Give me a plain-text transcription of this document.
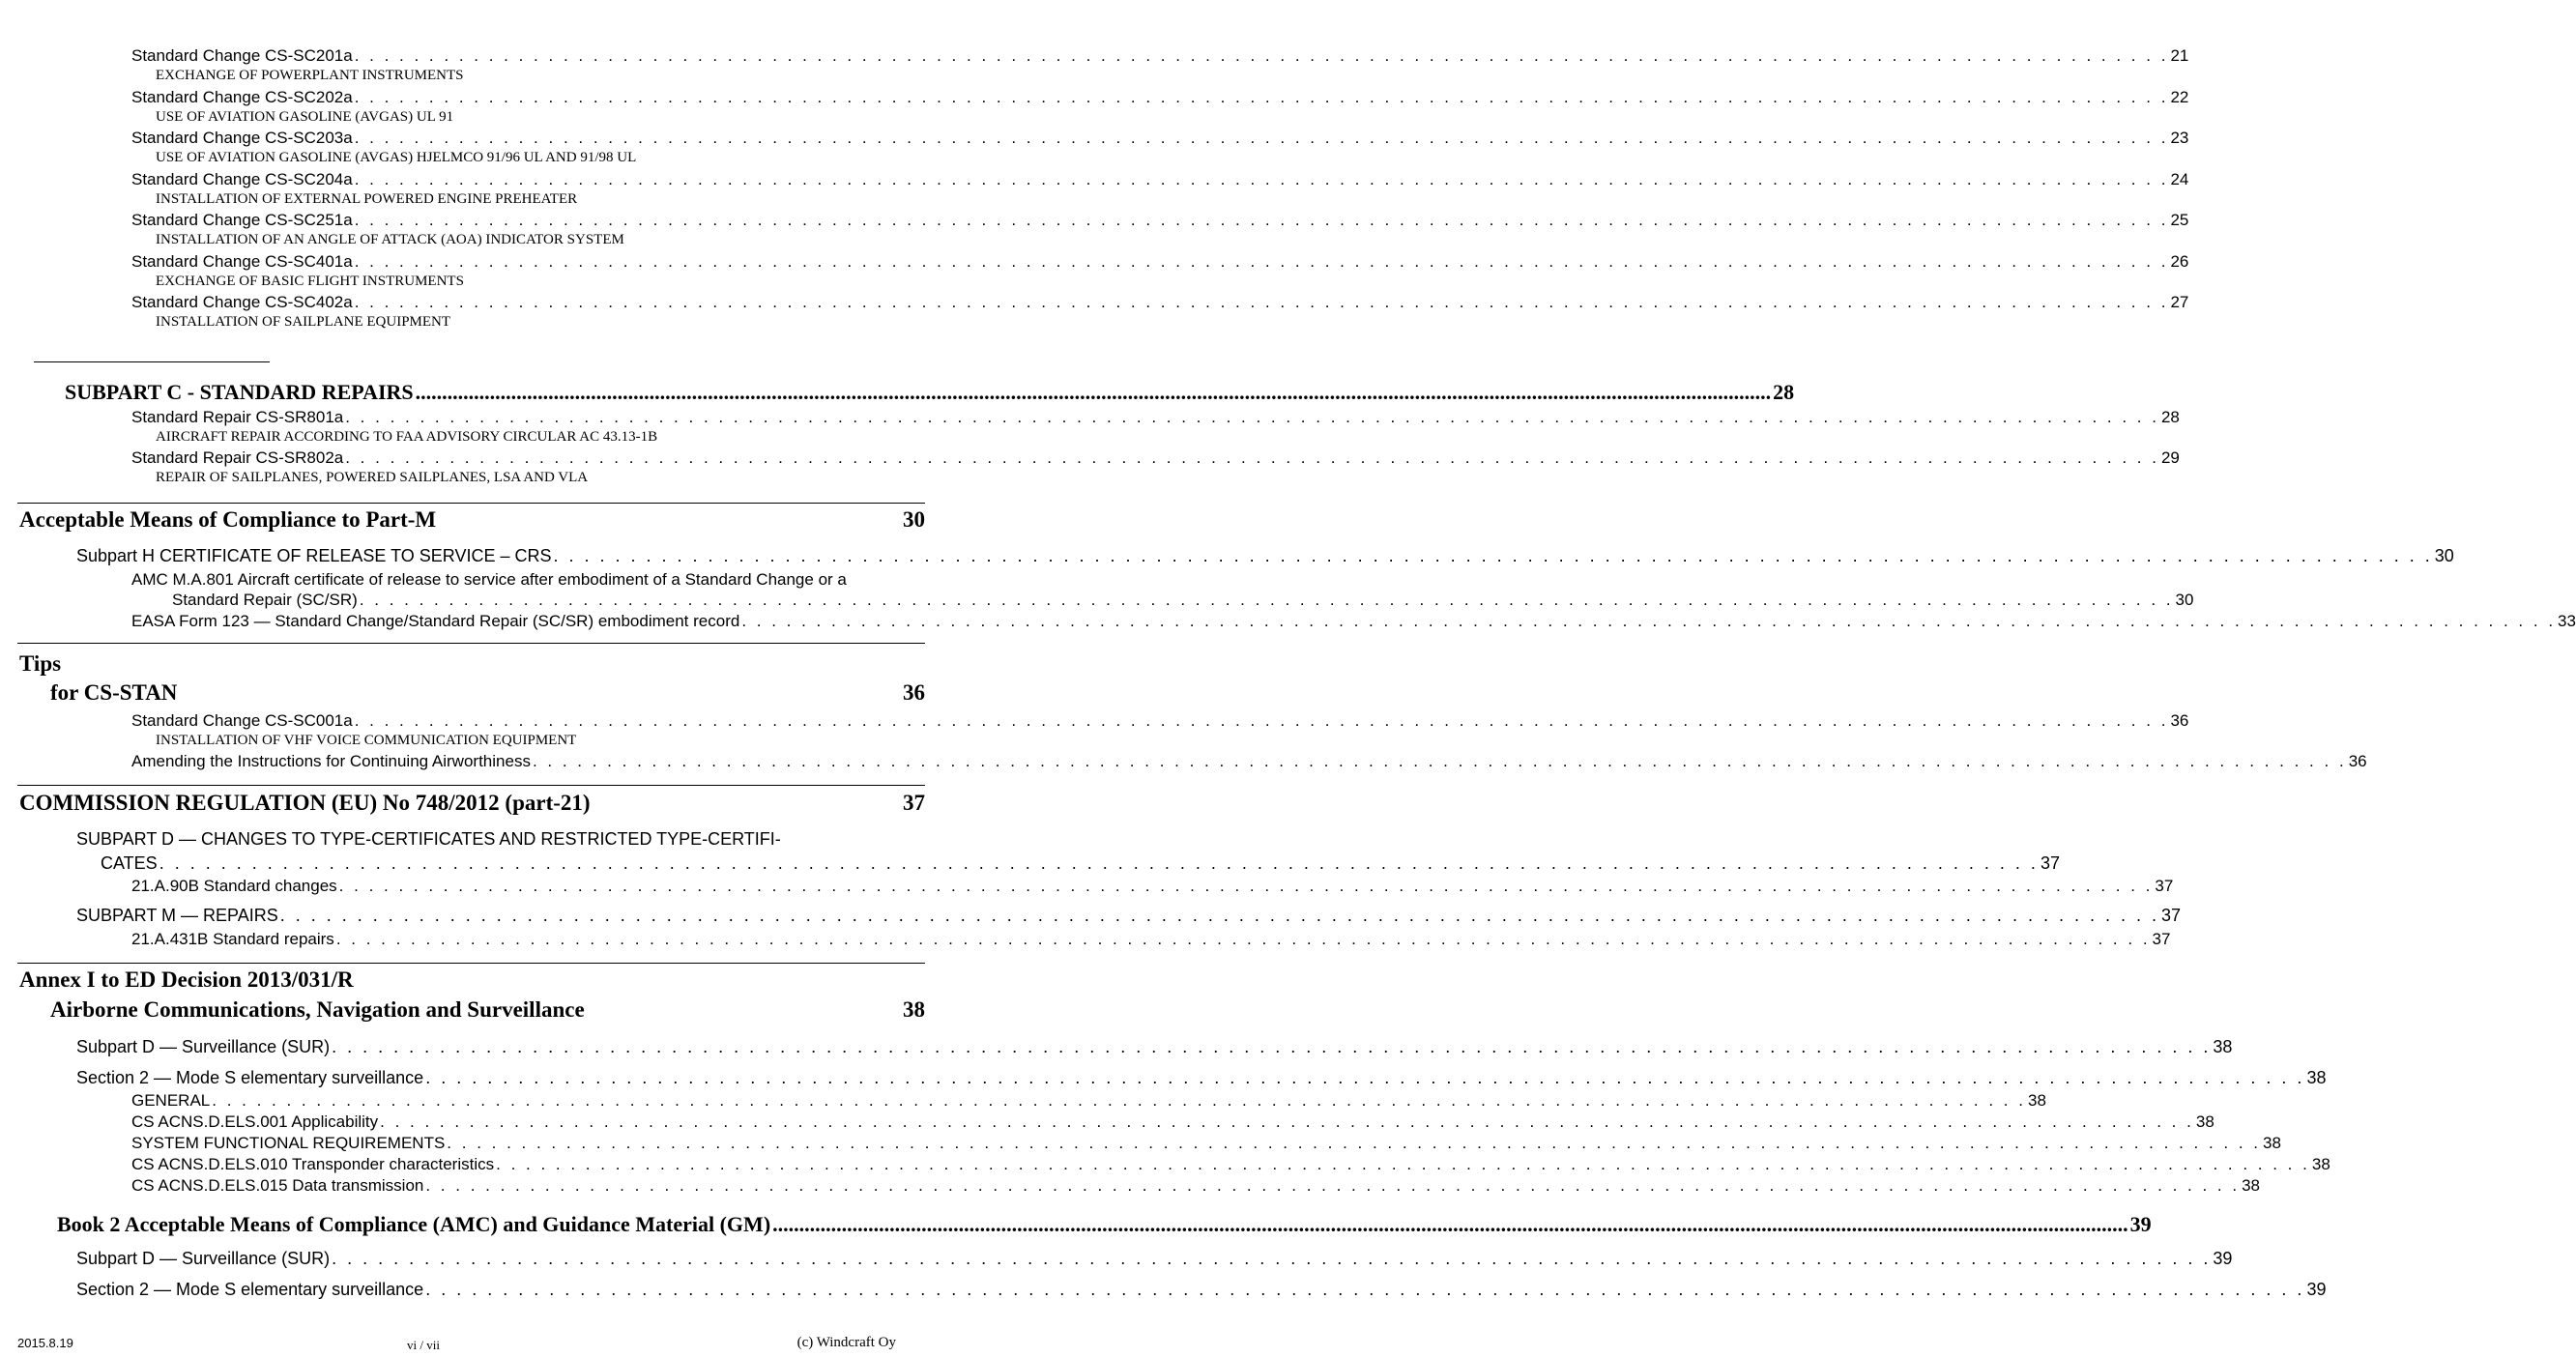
Standard Change CS-SC201a . . . . . . . . . . . . . . . . . . . . . . . . . . . . . . . . . . . . . . . . . . . . . . . . . . . . . . . . . . . . . . . . . . . . . . . . . . . . . . . . . . . . . . . . . . . . . . . . . . . . . . . . . . . . . . . . . . . . . . . . . . 21
EXCHANGE OF POWERPLANT INSTRUMENTS
Standard Change CS-SC202a . . . . . . . . . . . . . . . . . . . . . . . . . . . . . . . . . . . . . . . . . . . . . . . . . . . . . . . . . . . . . . . . . . . . . . . . . . . . . . . . . . . . . . . . . . . . . . . . . . . . . . . . . . . . . . . . . . . . . . . . . . 22
USE OF AVIATION GASOLINE (AVGAS) UL 91
Standard Change CS-SC203a . . . . . . . . . . . . . . . . . . . . . . . . . . . . . . . . . . . . . . . . . . . . . . . . . . . . . . . . . . . . . . . . . . . . . . . . . . . . . . . . . . . . . . . . . . . . . . . . . . . . . . . . . . . . . . . . . . . . . . . . . . 23
USE OF AVIATION GASOLINE (AVGAS) HJELMCO 91/96 UL AND 91/98 UL
Standard Change CS-SC204a . . . . . . . . . . . . . . . . . . . . . . . . . . . . . . . . . . . . . . . . . . . . . . . . . . . . . . . . . . . . . . . . . . . . . . . . . . . . . . . . . . . . . . . . . . . . . . . . . . . . . . . . . . . . . . . . . . . . . . . . . . 24
INSTALLATION OF EXTERNAL POWERED ENGINE PREHEATER
Standard Change CS-SC251a . . . . . . . . . . . . . . . . . . . . . . . . . . . . . . . . . . . . . . . . . . . . . . . . . . . . . . . . . . . . . . . . . . . . . . . . . . . . . . . . . . . . . . . . . . . . . . . . . . . . . . . . . . . . . . . . . . . . . . . . . . 25
INSTALLATION OF AN ANGLE OF ATTACK (AOA) INDICATOR SYSTEM
Standard Change CS-SC401a . . . . . . . . . . . . . . . . . . . . . . . . . . . . . . . . . . . . . . . . . . . . . . . . . . . . . . . . . . . . . . . . . . . . . . . . . . . . . . . . . . . . . . . . . . . . . . . . . . . . . . . . . . . . . . . . . . . . . . . . . . 26
EXCHANGE OF BASIC FLIGHT INSTRUMENTS
Standard Change CS-SC402a . . . . . . . . . . . . . . . . . . . . . . . . . . . . . . . . . . . . . . . . . . . . . . . . . . . . . . . . . . . . . . . . . . . . . . . . . . . . . . . . . . . . . . . . . . . . . . . . . . . . . . . . . . . . . . . . . . . . . . . . . . 27
INSTALLATION OF SAILPLANE EQUIPMENT
SUBPART C - STANDARD REPAIRS ............................................................................................................................................................................................................................................................... 28
Standard Repair CS-SR801a . . . . . . . . . . . . . . . . . . . . . . . . . . . . . . . . . . . . . . . . . . . . . . . . . . . . . . . . . . . . . . . . . . . . . . . . . . . . . . . . . . . . . . . . . . . . . . . . . . . . . . . . . . . . . . . . . . . . . . . . . . 28
AIRCRAFT REPAIR ACCORDING TO FAA ADVISORY CIRCULAR AC 43.13-1B
Standard Repair CS-SR802a . . . . . . . . . . . . . . . . . . . . . . . . . . . . . . . . . . . . . . . . . . . . . . . . . . . . . . . . . . . . . . . . . . . . . . . . . . . . . . . . . . . . . . . . . . . . . . . . . . . . . . . . . . . . . . . . . . . . . . . . . . 29
REPAIR OF SAILPLANES, POWERED SAILPLANES, LSA AND VLA
Acceptable Means of Compliance to Part-M	30
Subpart H CERTIFICATE OF RELEASE TO SERVICE – CRS . . . . . . . . . . . . . . . . . . . . . . . . . . . . . . . . . . . . . . . . . . . . . . . . . . . . . . . . . . . . . . . . . . . . . . . . . . . . . . . . . . . . . . . . . . . . . . . . . . . . . . . . . . . . . . . . . . . . . . . . . . 30
AMC M.A.801 Aircraft certificate of release to service after embodiment of a Standard Change or a
Standard Repair (SC/SR) . . . . . . . . . . . . . . . . . . . . . . . . . . . . . . . . . . . . . . . . . . . . . . . . . . . . . . . . . . . . . . . . . . . . . . . . . . . . . . . . . . . . . . . . . . . . . . . . . . . . . . . . . . . . . . . . . . . . . . . . . . 30
EASA Form 123 — Standard Change/Standard Repair (SC/SR) embodiment record . . . . . . . . . . . . . . . . . . . . . . . . . . . . . . . . . . . . . . . . . . . . . . . . . . . . . . . . . . . . . . . . . . . . . . . . . . . . . . . . . . . . . . . . . . . . . . . . . . . . . . . . . . . . . . . . . . . . . . . . . . 33
Tips
for CS-STAN	36
Standard Change CS-SC001a . . . . . . . . . . . . . . . . . . . . . . . . . . . . . . . . . . . . . . . . . . . . . . . . . . . . . . . . . . . . . . . . . . . . . . . . . . . . . . . . . . . . . . . . . . . . . . . . . . . . . . . . . . . . . . . . . . . . . . . . . . 36
INSTALLATION OF VHF VOICE COMMUNICATION EQUIPMENT
Amending the Instructions for Continuing Airworthiness . . . . . . . . . . . . . . . . . . . . . . . . . . . . . . . . . . . . . . . . . . . . . . . . . . . . . . . . . . . . . . . . . . . . . . . . . . . . . . . . . . . . . . . . . . . . . . . . . . . . . . . . . . . . . . . . . . . . . . . . . . 36
COMMISSION REGULATION (EU) No 748/2012 (part-21)	37
SUBPART D — CHANGES TO TYPE-CERTIFICATES AND RESTRICTED TYPE-CERTIFI-
CATES . . . . . . . . . . . . . . . . . . . . . . . . . . . . . . . . . . . . . . . . . . . . . . . . . . . . . . . . . . . . . . . . . . . . . . . . . . . . . . . . . . . . . . . . . . . . . . . . . . . . . . . . . . . . . . . . . . . . . . . . . . 37
21.A.90B Standard changes . . . . . . . . . . . . . . . . . . . . . . . . . . . . . . . . . . . . . . . . . . . . . . . . . . . . . . . . . . . . . . . . . . . . . . . . . . . . . . . . . . . . . . . . . . . . . . . . . . . . . . . . . . . . . . . . . . . . . . . . . . 37
SUBPART M — REPAIRS . . . . . . . . . . . . . . . . . . . . . . . . . . . . . . . . . . . . . . . . . . . . . . . . . . . . . . . . . . . . . . . . . . . . . . . . . . . . . . . . . . . . . . . . . . . . . . . . . . . . . . . . . . . . . . . . . . . . . . . . . . 37
21.A.431B Standard repairs . . . . . . . . . . . . . . . . . . . . . . . . . . . . . . . . . . . . . . . . . . . . . . . . . . . . . . . . . . . . . . . . . . . . . . . . . . . . . . . . . . . . . . . . . . . . . . . . . . . . . . . . . . . . . . . . . . . . . . . . . . 37
Annex I to ED Decision 2013/031/R
Airborne Communications, Navigation and Surveillance	38
Subpart D — Surveillance (SUR) . . . . . . . . . . . . . . . . . . . . . . . . . . . . . . . . . . . . . . . . . . . . . . . . . . . . . . . . . . . . . . . . . . . . . . . . . . . . . . . . . . . . . . . . . . . . . . . . . . . . . . . . . . . . . . . . . . . . . . . . . . 38
Section 2 — Mode S elementary surveillance . . . . . . . . . . . . . . . . . . . . . . . . . . . . . . . . . . . . . . . . . . . . . . . . . . . . . . . . . . . . . . . . . . . . . . . . . . . . . . . . . . . . . . . . . . . . . . . . . . . . . . . . . . . . . . . . . . . . . . . . . . 38
GENERAL . . . . . . . . . . . . . . . . . . . . . . . . . . . . . . . . . . . . . . . . . . . . . . . . . . . . . . . . . . . . . . . . . . . . . . . . . . . . . . . . . . . . . . . . . . . . . . . . . . . . . . . . . . . . . . . . . . . . . . . . . . 38
CS ACNS.D.ELS.001 Applicability . . . . . . . . . . . . . . . . . . . . . . . . . . . . . . . . . . . . . . . . . . . . . . . . . . . . . . . . . . . . . . . . . . . . . . . . . . . . . . . . . . . . . . . . . . . . . . . . . . . . . . . . . . . . . . . . . . . . . . . . . . 38
SYSTEM FUNCTIONAL REQUIREMENTS . . . . . . . . . . . . . . . . . . . . . . . . . . . . . . . . . . . . . . . . . . . . . . . . . . . . . . . . . . . . . . . . . . . . . . . . . . . . . . . . . . . . . . . . . . . . . . . . . . . . . . . . . . . . . . . . . . . . . . . . . . 38
CS ACNS.D.ELS.010 Transponder characteristics . . . . . . . . . . . . . . . . . . . . . . . . . . . . . . . . . . . . . . . . . . . . . . . . . . . . . . . . . . . . . . . . . . . . . . . . . . . . . . . . . . . . . . . . . . . . . . . . . . . . . . . . . . . . . . . . . . . . . . . . . . 38
CS ACNS.D.ELS.015 Data transmission . . . . . . . . . . . . . . . . . . . . . . . . . . . . . . . . . . . . . . . . . . . . . . . . . . . . . . . . . . . . . . . . . . . . . . . . . . . . . . . . . . . . . . . . . . . . . . . . . . . . . . . . . . . . . . . . . . . . . . . . . . 38
Book 2 Acceptable Means of Compliance (AMC) and Guidance Material (GM) ............................................................................................................................................................................................................................................................... 39
Subpart D — Surveillance (SUR) . . . . . . . . . . . . . . . . . . . . . . . . . . . . . . . . . . . . . . . . . . . . . . . . . . . . . . . . . . . . . . . . . . . . . . . . . . . . . . . . . . . . . . . . . . . . . . . . . . . . . . . . . . . . . . . . . . . . . . . . . . 39
Section 2 — Mode S elementary surveillance . . . . . . . . . . . . . . . . . . . . . . . . . . . . . . . . . . . . . . . . . . . . . . . . . . . . . . . . . . . . . . . . . . . . . . . . . . . . . . . . . . . . . . . . . . . . . . . . . . . . . . . . . . . . . . . . . . . . . . . . . . 39
2015.8.19	vi / vii	(c) Windcraft Oy
